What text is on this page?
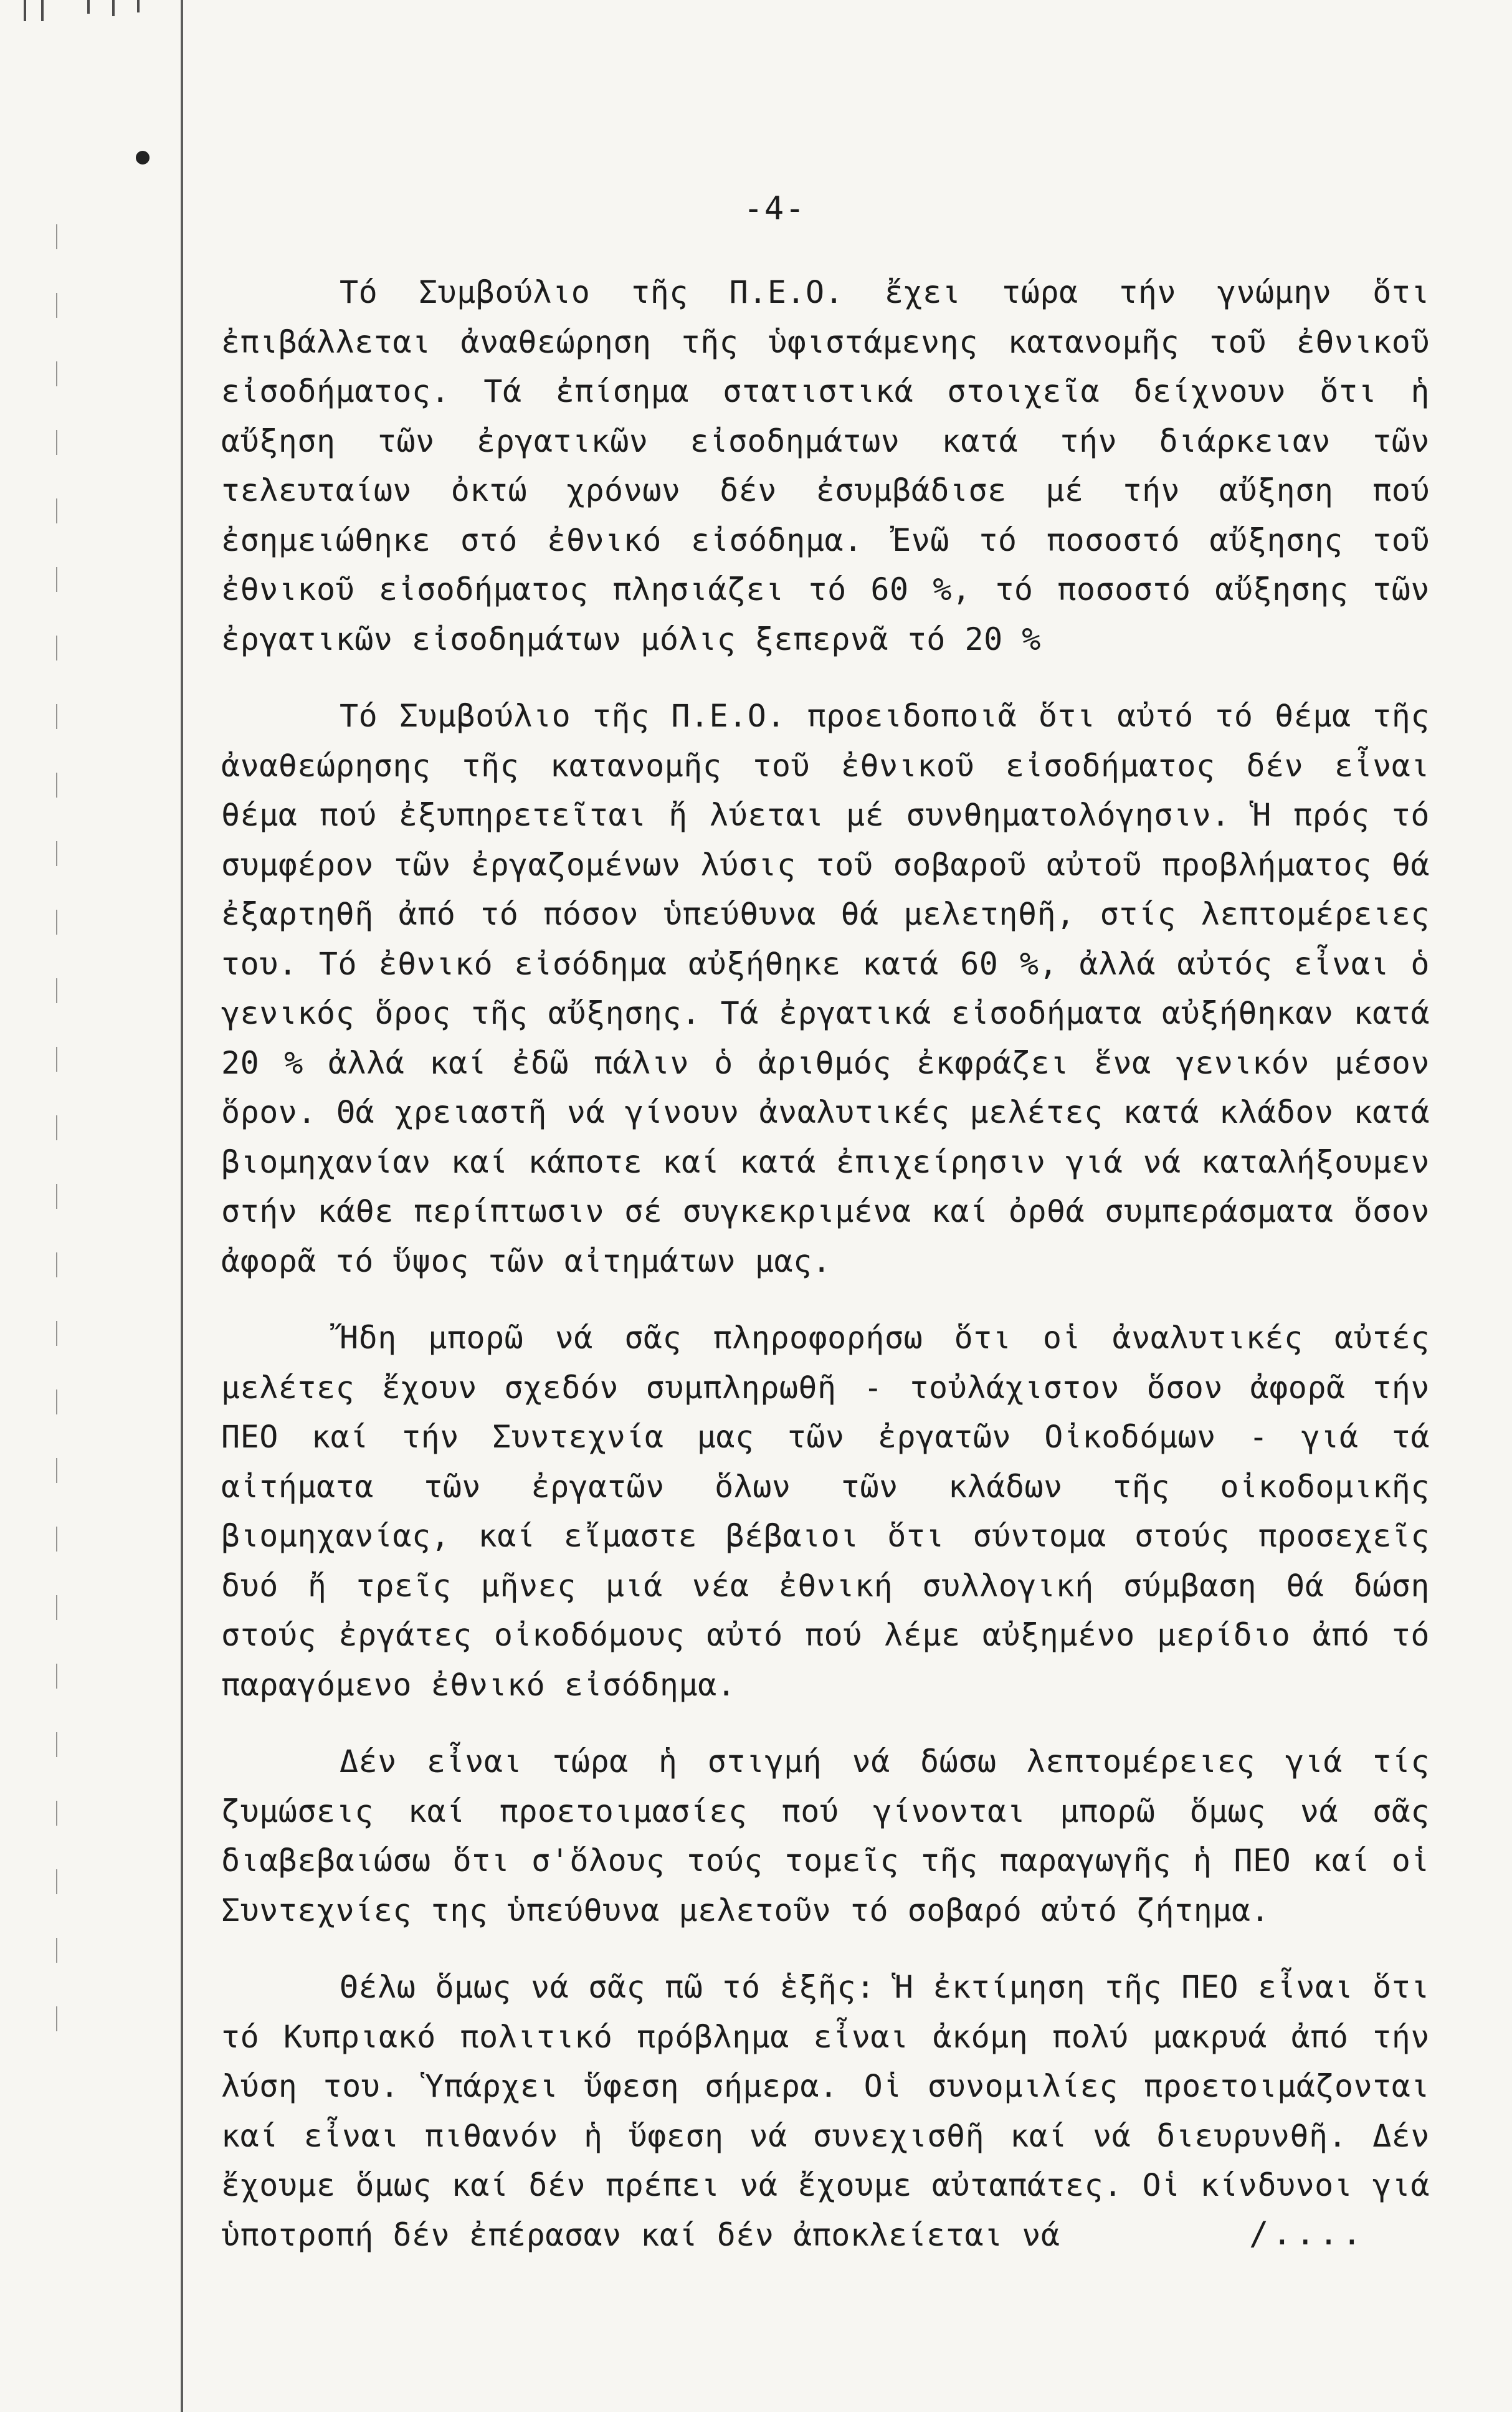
-4-

Τό Συμβούλιο τῆς Π.Ε.Ο. ἔχει τώρα τήν γνώμην ὅτι ἐπιβάλλεται ἀναθεώρηση τῆς ὑφιστάμενης κατανομῆς τοῦ ἐθνικοῦ εἰσοδήματος. Τά ἐπίσημα στατιστικά στοιχεῖα δείχνουν ὅτι ἡ αὔξηση τῶν ἐργατικῶν εἰσοδημάτων κατά τήν διάρκειαν τῶν τελευταίων ὀκτώ χρόνων δέν ἐσυμβάδισε μέ τήν αὔξηση πού ἐσημειώθηκε στό ἐθνικό εἰσόδημα. Ἐνῶ τό ποσοστό αὔξησης τοῦ ἐθνικοῦ εἰσοδήματος πλησιάζει τό 60 %, τό ποσοστό αὔξησης τῶν ἐργατικῶν εἰσοδημάτων μόλις ξεπερνᾶ τό 20 %

Τό Συμβούλιο τῆς Π.Ε.Ο. προειδοποιᾶ ὅτι αὐτό τό θέμα τῆς ἀναθεώρησης τῆς κατανομῆς τοῦ ἐθνικοῦ εἰσοδήματος δέν εἶναι θέμα πού ἐξυπηρετεῖται ἤ λύεται μέ συνθηματολόγησιν. Ἡ πρός τό συμφέρον τῶν ἐργαζομένων λύσις τοῦ σοβαροῦ αὐτοῦ προβλήματος θά ἐξαρτηθῆ ἀπό τό πόσον ὑπεύθυνα θά μελετηθῆ, στίς λεπτομέρειες του. Τό ἐθνικό εἰσόδημα αὐξήθηκε κατά 60 %, ἀλλά αὐτός εἶναι ὁ γενικός ὅρος τῆς αὔξησης. Τά ἐργατικά εἰσοδήματα αὐξήθηκαν κατά 20 % ἀλλά καί ἐδῶ πάλιν ὁ ἀριθμός ἐκφράζει ἕνα γενικόν μέσον ὅρον. Θά χρειαστῆ νά γίνουν ἀναλυτικές μελέτες κατά κλάδον κατά βιομηχανίαν καί κάποτε καί κατά ἐπιχείρησιν γιά νά καταλήξουμεν στήν κάθε περίπτωσιν σέ συγκεκριμένα καί ὀρθά συμπεράσματα ὅσον ἀφορᾶ τό ὕψος τῶν αἰτημάτων μας.

Ἤδη μπορῶ νά σᾶς πληροφορήσω ὅτι οἱ ἀναλυτικές αὐτές μελέτες ἔχουν σχεδόν συμπληρωθῆ - τοὐλάχιστον ὅσον ἀφορᾶ τήν ΠΕΟ καί τήν Συντεχνία μας τῶν ἐργατῶν Οἰκοδόμων - γιά τά αἰτήματα τῶν ἐργατῶν ὅλων τῶν κλάδων τῆς οἰκοδομικῆς βιομηχανίας, καί εἴμαστε βέβαιοι ὅτι σύντομα στούς προσεχεῖς δυό ἤ τρεῖς μῆνες μιά νέα ἐθνική συλλογική σύμβαση θά δώση στούς ἐργάτες οἰκοδόμους αὐτό πού λέμε αὐξημένο μερίδιο ἀπό τό παραγόμενο ἐθνικό εἰσόδημα.

Δέν εἶναι τώρα ἡ στιγμή νά δώσω λεπτομέρειες γιά τίς ζυμώσεις καί προετοιμασίες πού γίνονται μπορῶ ὅμως νά σᾶς διαβεβαιώσω ὅτι σ'ὅλους τούς τομεῖς τῆς παραγωγῆς ἡ ΠΕΟ καί οἱ Συντεχνίες της ὑπεύθυνα μελετοῦν τό σοβαρό αὐτό ζήτημα.

Θέλω ὅμως νά σᾶς πῶ τό ἑξῆς: Ἡ ἐκτίμηση τῆς ΠΕΟ εἶναι ὅτι τό Κυπριακό πολιτικό πρόβλημα εἶναι ἀκόμη πολύ μακρυά ἀπό τήν λύση του. Ὑπάρχει ὕφεση σήμερα. Οἱ συνομιλίες προετοιμάζονται καί εἶναι πιθανόν ἡ ὕφεση νά συνεχισθῆ καί νά διευρυνθῆ. Δέν ἔχουμε ὅμως καί δέν πρέπει νά ἔχουμε αὐταπάτες. Οἱ κίνδυνοι γιά ὑποτροπή δέν ἐπέρασαν καί δέν ἀποκλείεται νά	/....
